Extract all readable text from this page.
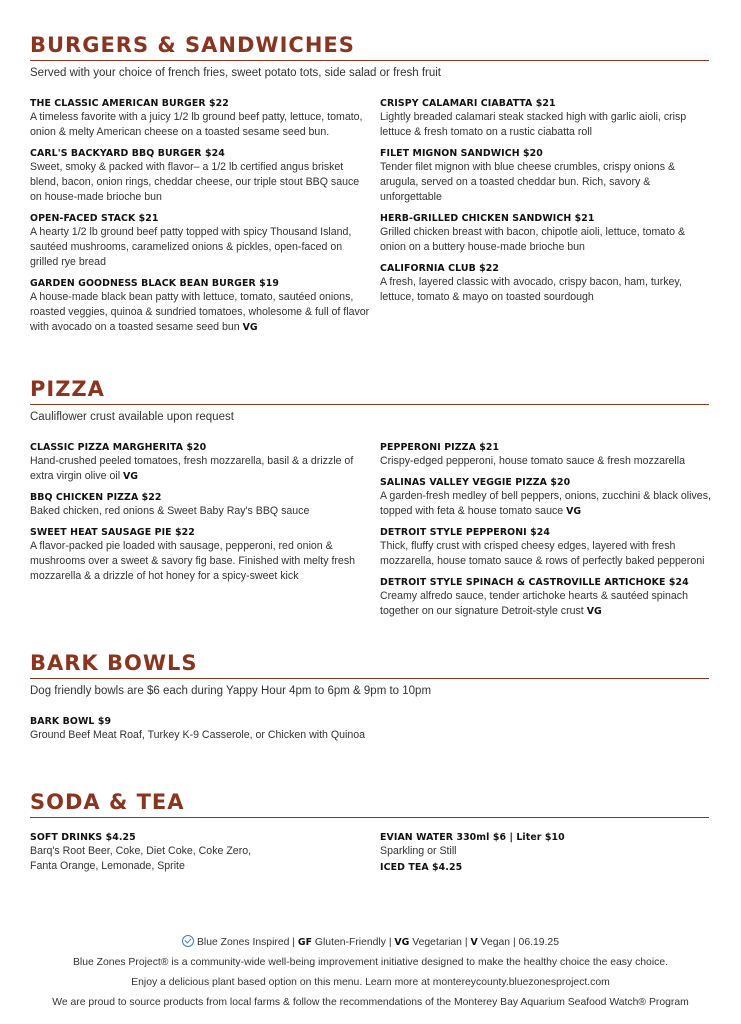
BURGERS & SANDWICHES
Served with your choice of french fries, sweet potato tots, side salad or fresh fruit
THE CLASSIC AMERICAN BURGER $22
A timeless favorite with a juicy 1/2 lb ground beef patty, lettuce, tomato, onion & melty American cheese on a toasted sesame seed bun.
CARL'S BACKYARD BBQ BURGER $24
Sweet, smoky & packed with flavor– a 1/2 lb certified angus brisket blend, bacon, onion rings, cheddar cheese, our triple stout BBQ sauce on house-made brioche bun
OPEN-FACED STACK $21
A hearty 1/2 lb ground beef patty topped with spicy Thousand Island, sautéed mushrooms, caramelized onions & pickles, open-faced on grilled rye bread
GARDEN GOODNESS BLACK BEAN BURGER $19
A house-made black bean patty with lettuce, tomato, sautéed onions, roasted veggies, quinoa & sundried tomatoes, wholesome & full of flavor with avocado on a toasted sesame seed bun VG
CRISPY CALAMARI CIABATTA $21
Lightly breaded calamari steak stacked high with garlic aioli, crisp lettuce & fresh tomato on a rustic ciabatta roll
FILET MIGNON SANDWICH $20
Tender filet mignon with blue cheese crumbles, crispy onions & arugula, served on a toasted cheddar bun. Rich, savory & unforgettable
HERB-GRILLED CHICKEN SANDWICH $21
Grilled chicken breast with bacon, chipotle aioli, lettuce, tomato & onion on a buttery house-made brioche bun
CALIFORNIA CLUB $22
A fresh, layered classic with avocado, crispy bacon, ham, turkey, lettuce, tomato & mayo on toasted sourdough
PIZZA
Cauliflower crust available upon request
CLASSIC PIZZA MARGHERITA $20
Hand-crushed peeled tomatoes, fresh mozzarella, basil & a drizzle of extra virgin olive oil VG
BBQ CHICKEN PIZZA $22
Baked chicken, red onions & Sweet Baby Ray's BBQ sauce
SWEET HEAT SAUSAGE PIE $22
A flavor-packed pie loaded with sausage, pepperoni, red onion & mushrooms over a sweet & savory fig base. Finished with melty fresh mozzarella & a drizzle of hot honey for a spicy-sweet kick
PEPPERONI PIZZA $21
Crispy-edged pepperoni, house tomato sauce & fresh mozzarella
SALINAS VALLEY VEGGIE PIZZA $20
A garden-fresh medley of bell peppers, onions, zucchini & black olives, topped with feta & house tomato sauce VG
DETROIT STYLE PEPPERONI $24
Thick, fluffy crust with crisped cheesy edges, layered with fresh mozzarella, house tomato sauce & rows of perfectly baked pepperoni
DETROIT STYLE SPINACH & CASTROVILLE ARTICHOKE $24
Creamy alfredo sauce, tender artichoke hearts & sautéed spinach together on our signature Detroit-style crust VG
BARK BOWLS
Dog friendly bowls are $6 each during Yappy Hour 4pm to 6pm & 9pm to 10pm
BARK BOWL $9
Ground Beef Meat Roaf, Turkey K-9 Casserole, or Chicken with Quinoa
SODA & TEA
SOFT DRINKS $4.25
Barq's Root Beer, Coke, Diet Coke, Coke Zero, Fanta Orange, Lemonade, Sprite
EVIAN WATER 330ml $6 | Liter $10
Sparkling or Still
ICED TEA $4.25
Blue Zones Inspired | GF Gluten-Friendly | VG Vegetarian | V Vegan | 06.19.25
Blue Zones Project® is a community-wide well-being improvement initiative designed to make the healthy choice the easy choice.
Enjoy a delicious plant based option on this menu. Learn more at montereycounty.bluezonesproject.com
We are proud to source products from local farms & follow the recommendations of the Monterey Bay Aquarium Seafood Watch® Program
